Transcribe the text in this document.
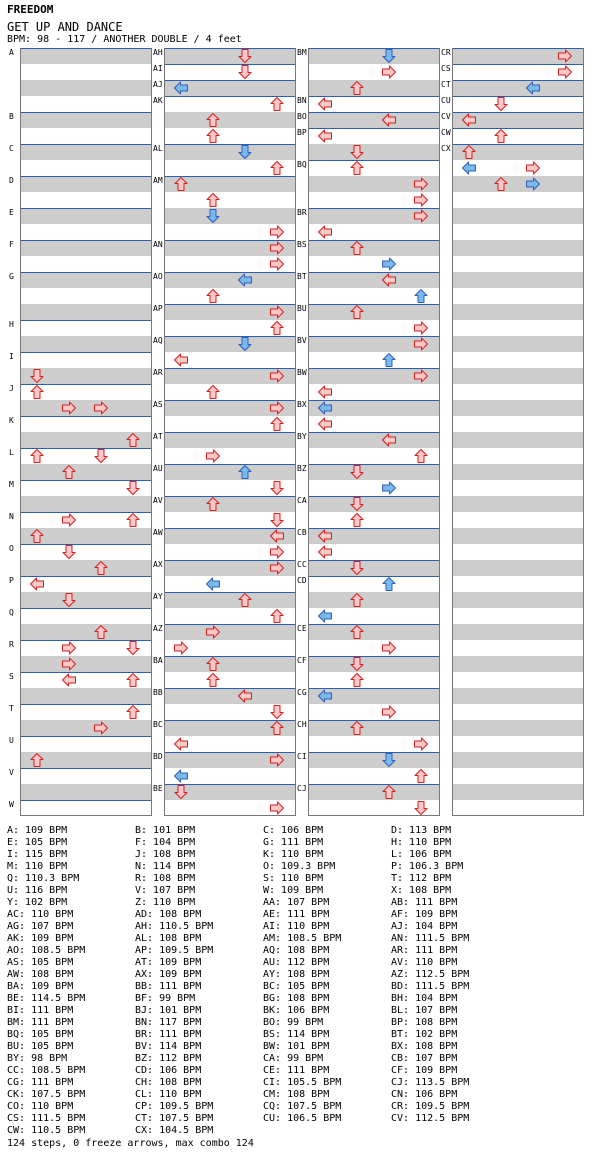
FREEDOM
GET UP AND DANCE
BPM: 98 - 117 / ANOTHER DOUBLE / 4 feet
A
B
C
D
E
F
G
H
I
J
K
L
M
N
O
P
Q
R
S
T
U
V
W
AH
AI
AJ
AK
AL
AM
AN
AO
AP
AQ
AR
AS
AT
AU
AV
AW
AX
AY
AZ
BA
BB
BC
BD
BE
BM
BN
BO
BP
BQ
BR
BS
BT
BU
BV
BW
BX
BY
BZ
CA
CB
CC
CD
CE
CF
CG
CH
CI
CJ
CR
CS
CT
CU
CV
CW
CX
A: 109 BPM	B: 101 BPM	C: 106 BPM	D: 113 BPM
E: 105 BPM	F: 104 BPM	G: 111 BPM	H: 110 BPM
I: 115 BPM	J: 108 BPM	K: 110 BPM	L: 106 BPM
M: 110 BPM	N: 114 BPM	O: 109.3 BPM	P: 106.3 BPM
Q: 110.3 BPM	R: 108 BPM	S: 110 BPM	T: 112 BPM
U: 116 BPM	V: 107 BPM	W: 109 BPM	X: 108 BPM
Y: 102 BPM	Z: 110 BPM	AA: 107 BPM	AB: 111 BPM
AC: 110 BPM	AD: 108 BPM	AE: 111 BPM	AF: 109 BPM
AG: 107 BPM	AH: 110.5 BPM	AI: 110 BPM	AJ: 104 BPM
AK: 109 BPM	AL: 108 BPM	AM: 108.5 BPM	AN: 111.5 BPM
AO: 108.5 BPM	AP: 109.5 BPM	AQ: 108 BPM	AR: 111 BPM
AS: 105 BPM	AT: 109 BPM	AU: 112 BPM	AV: 110 BPM
AW: 108 BPM	AX: 109 BPM	AY: 108 BPM	AZ: 112.5 BPM
BA: 109 BPM	BB: 111 BPM	BC: 105 BPM	BD: 111.5 BPM
BE: 114.5 BPM	BF: 99 BPM	BG: 108 BPM	BH: 104 BPM
BI: 111 BPM	BJ: 101 BPM	BK: 106 BPM	BL: 107 BPM
BM: 111 BPM	BN: 117 BPM	BO: 99 BPM	BP: 108 BPM
BQ: 105 BPM	BR: 111 BPM	BS: 114 BPM	BT: 102 BPM
BU: 105 BPM	BV: 114 BPM	BW: 101 BPM	BX: 108 BPM
BY: 98 BPM	BZ: 112 BPM	CA: 99 BPM	CB: 107 BPM
CC: 108.5 BPM	CD: 106 BPM	CE: 111 BPM	CF: 109 BPM
CG: 111 BPM	CH: 108 BPM	CI: 105.5 BPM	CJ: 113.5 BPM
CK: 107.5 BPM	CL: 110 BPM	CM: 108 BPM	CN: 106 BPM
CO: 110 BPM	CP: 109.5 BPM	CQ: 107.5 BPM	CR: 109.5 BPM
CS: 111.5 BPM	CT: 107.5 BPM	CU: 106.5 BPM	CV: 112.5 BPM
CW: 110.5 BPM	CX: 104.5 BPM
124 steps, 0 freeze arrows, max combo 124
